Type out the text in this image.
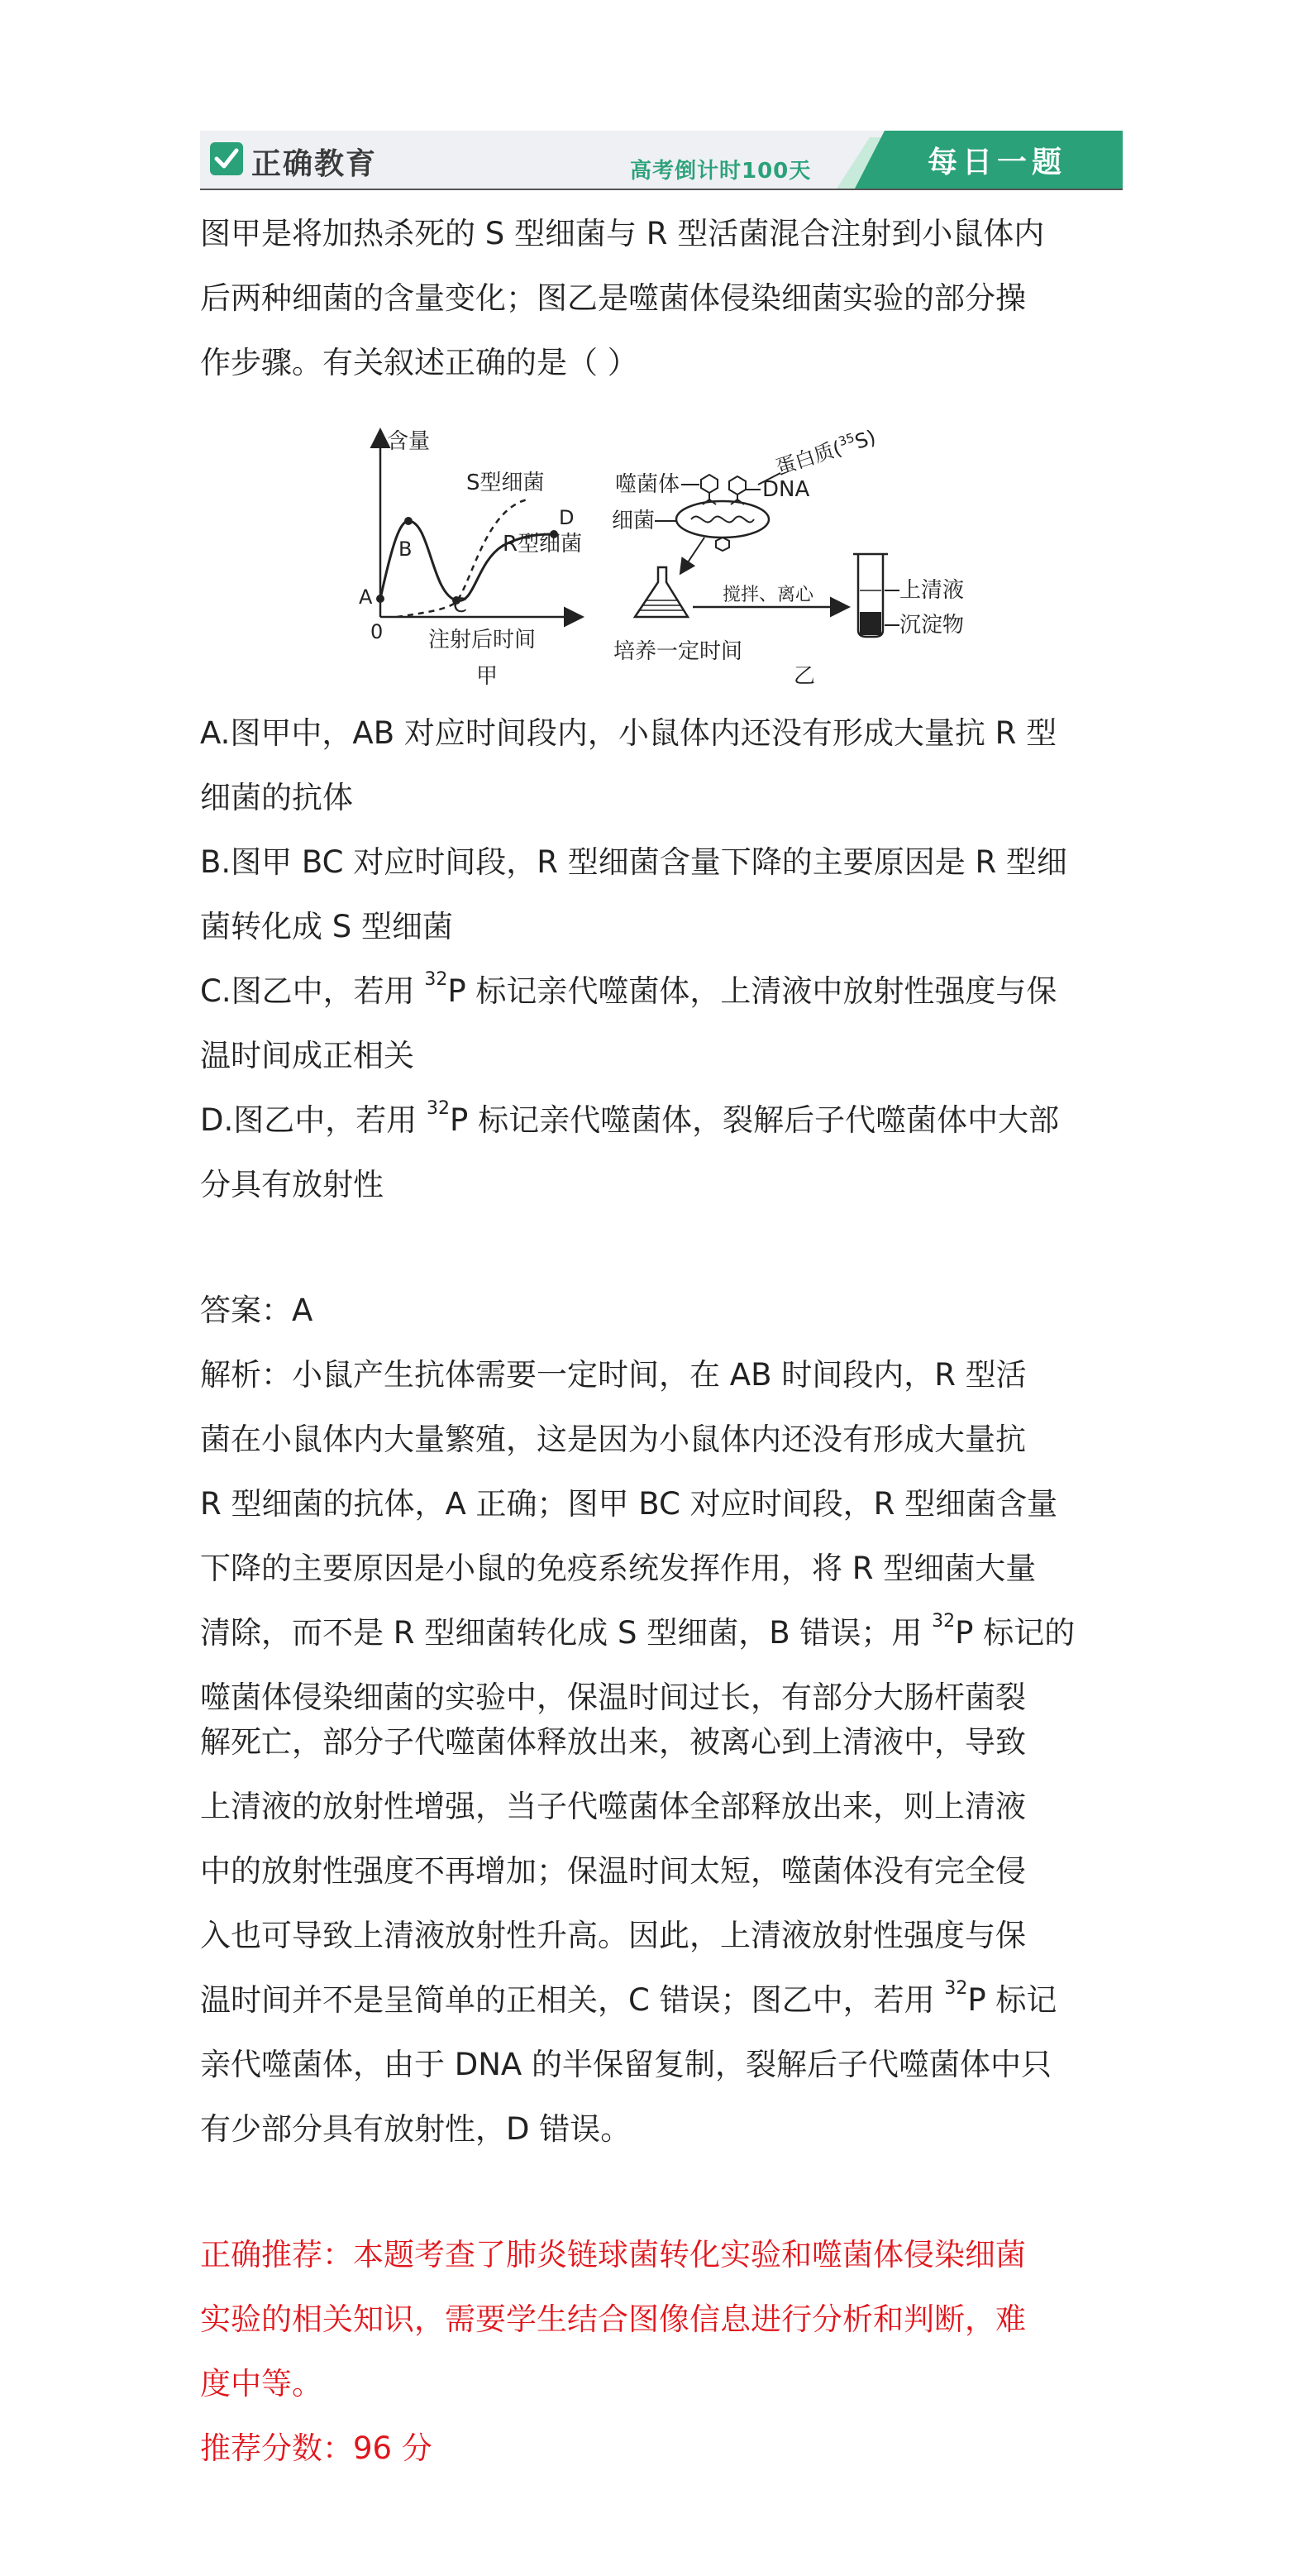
正确教育	高考倒计时100天	每日一题
图甲是将加热杀死的 S 型细菌与 R 型活菌混合注射到小鼠体内
后两种细菌的含量变化；图乙是噬菌体侵染细菌实验的部分操
作步骤。有关叙述正确的是（ ）
含量
0 注射后时间
甲
A
B
C
D
S型细菌
R型细菌
蛋白质($^{35}$S)
噬菌体	DNA
细菌
培养一定时间
乙
搅拌、离心	上清液
沉淀物
A.图甲中，AB 对应时间段内，小鼠体内还没有形成大量抗 R 型
细菌的抗体
B.图甲 BC 对应时间段，R 型细菌含量下降的主要原因是 R 型细
菌转化成 S 型细菌
C.图乙中，若用 $^{32}$P 标记亲代噬菌体，上清液中放射性强度与保
温时间成正相关
D.图乙中，若用 $^{32}$P 标记亲代噬菌体，裂解后子代噬菌体中大部
分具有放射性
答案：A
解析：小鼠产生抗体需要一定时间，在 AB 时间段内，R 型活
菌在小鼠体内大量繁殖，这是因为小鼠体内还没有形成大量抗
R 型细菌的抗体，A 正确；图甲 BC 对应时间段，R 型细菌含量
下降的主要原因是小鼠的免疫系统发挥作用，将 R 型细菌大量
清除，而不是 R 型细菌转化成 S 型细菌，B 错误；用 $^{32}$P 标记的
噬菌体侵染细菌的实验中，保温时间过长，有部分大肠杆菌裂
解死亡，部分子代噬菌体释放出来，被离心到上清液中，导致
上清液的放射性增强，当子代噬菌体全部释放出来，则上清液
中的放射性强度不再增加；保温时间太短，噬菌体没有完全侵
入也可导致上清液放射性升高。因此，上清液放射性强度与保
温时间并不是呈简单的正相关，C 错误；图乙中，若用 $^{32}$P 标记
亲代噬菌体，由于 DNA 的半保留复制，裂解后子代噬菌体中只
有少部分具有放射性，D 错误。
正确推荐：本题考查了肺炎链球菌转化实验和噬菌体侵染细菌
实验的相关知识，需要学生结合图像信息进行分析和判断，难
度中等。
推荐分数：96 分
